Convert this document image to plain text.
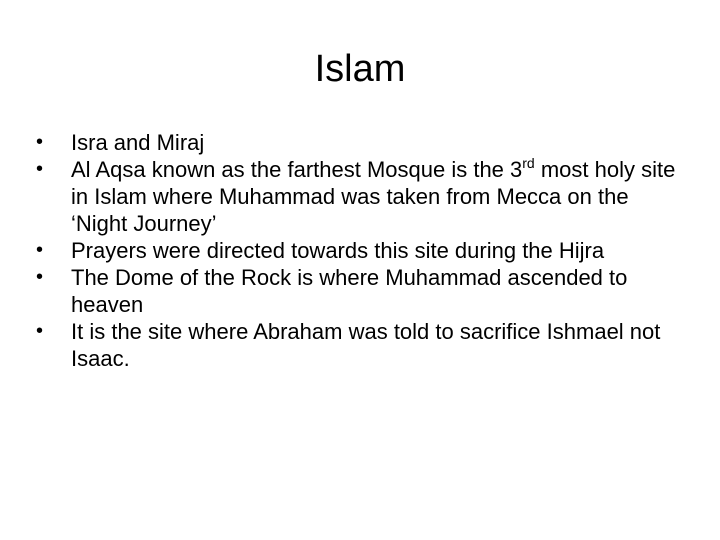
Islam
•	Isra and Miraj
•	Al Aqsa known as the farthest Mosque is the 3rd most holy site in Islam where Muhammad was taken from Mecca on the ‘Night Journey’
•	Prayers were directed towards this site during the Hijra
•	The Dome of the Rock is where Muhammad ascended to heaven
•	It is the site where Abraham was told to sacrifice Ishmael not Isaac.
